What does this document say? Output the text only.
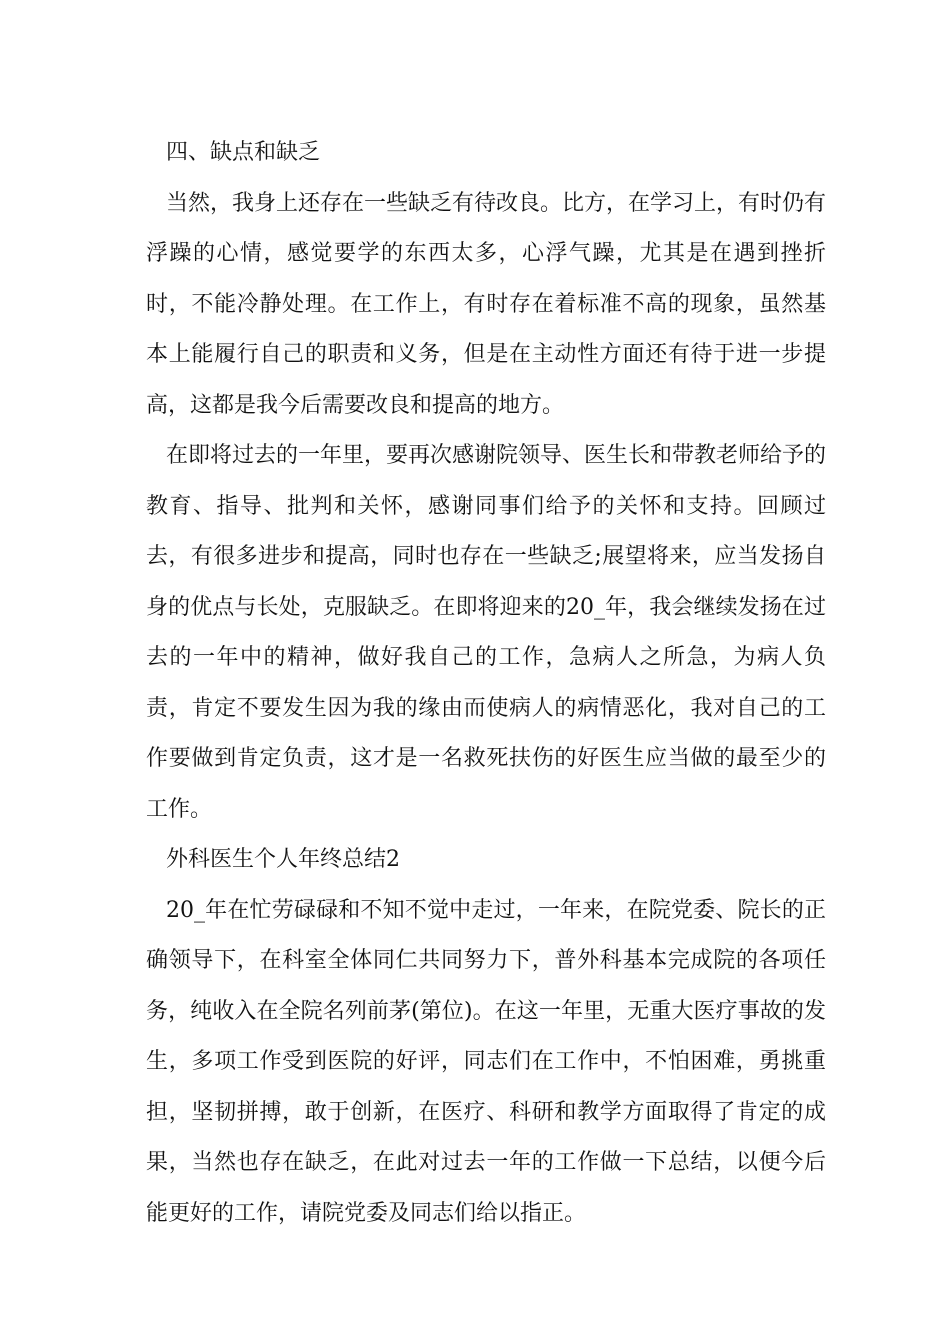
四、缺点和缺乏

当然，我身上还存在一些缺乏有待改良。比方，在学习上，有时仍有浮躁的心情，感觉要学的东西太多，心浮气躁，尤其是在遇到挫折时，不能冷静处理。在工作上，有时存在着标准不高的现象，虽然基本上能履行自己的职责和义务，但是在主动性方面还有待于进一步提高，这都是我今后需要改良和提高的地方。

在即将过去的一年里，要再次感谢院领导、医生长和带教老师给予的教育、指导、批判和关怀，感谢同事们给予的关怀和支持。回顾过去，有很多进步和提高，同时也存在一些缺乏;展望将来，应当发扬自身的优点与长处，克服缺乏。在即将迎来的20_年，我会继续发扬在过去的一年中的精神，做好我自己的工作，急病人之所急，为病人负责，肯定不要发生因为我的缘由而使病人的病情恶化，我对自己的工作要做到肯定负责，这才是一名救死扶伤的好医生应当做的最至少的工作。

外科医生个人年终总结2

20_年在忙劳碌碌和不知不觉中走过，一年来，在院党委、院长的正确领导下，在科室全体同仁共同努力下，普外科基本完成院的各项任务，纯收入在全院名列前茅(第位)。在这一年里，无重大医疗事故的发生，多项工作受到医院的好评，同志们在工作中，不怕困难，勇挑重担，坚韧拼搏，敢于创新，在医疗、科研和教学方面取得了肯定的成果，当然也存在缺乏，在此对过去一年的工作做一下总结，以便今后能更好的工作，请院党委及同志们给以指正。
